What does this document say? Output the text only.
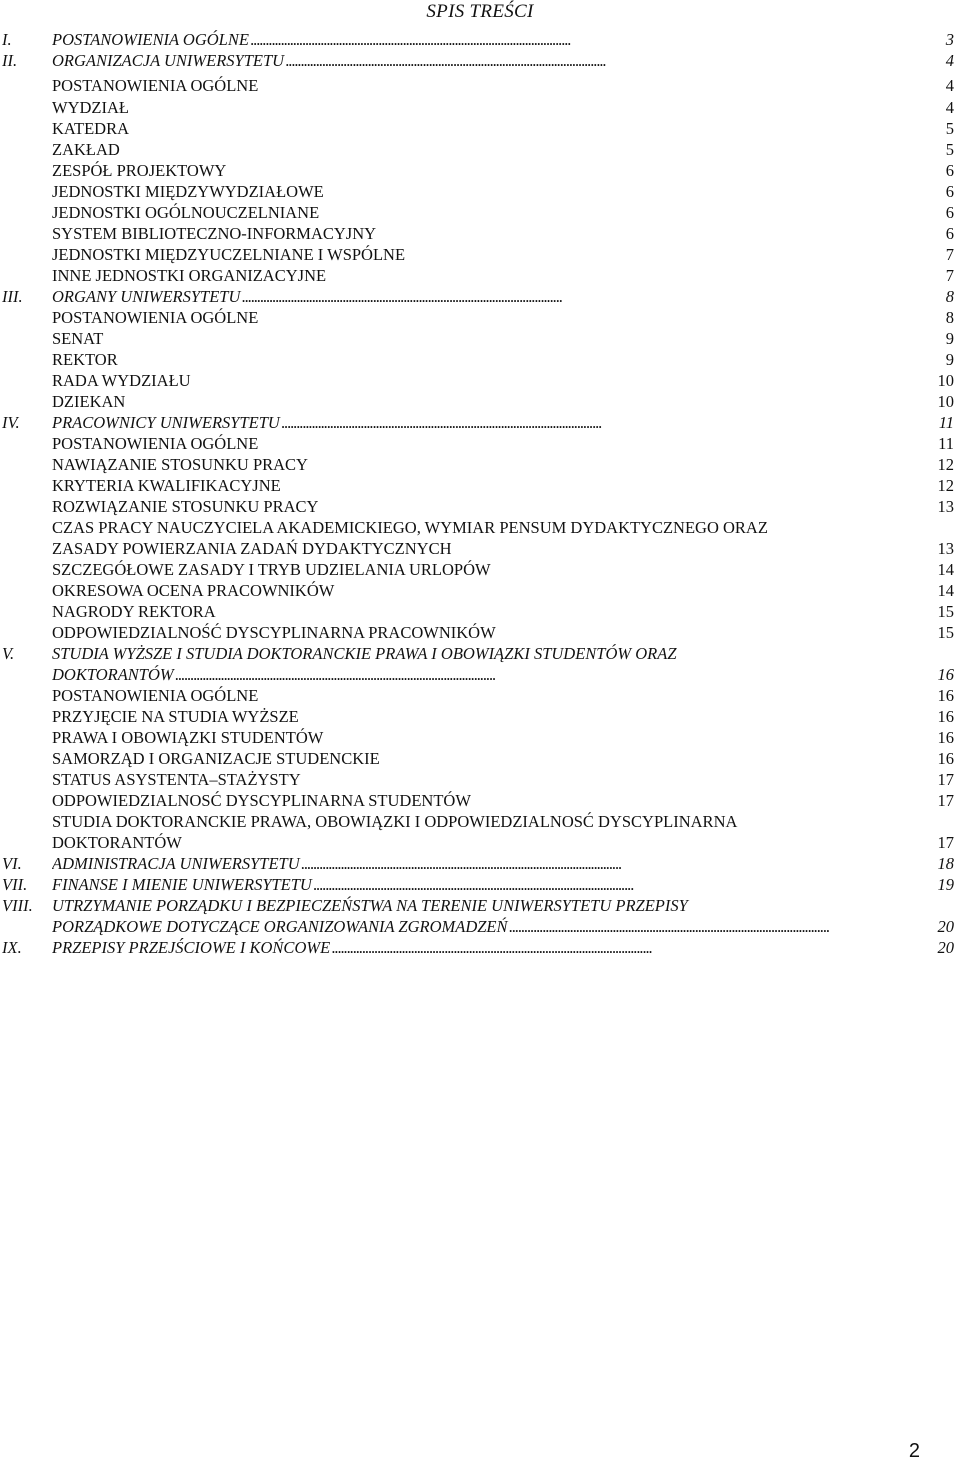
SPIS TREŚCI
I. POSTANOWIENIA OGÓLNE . . .	3
II. ORGANIZACJA UNIWERSYTETU . . .	4
POSTANOWIENIA OGÓLNE	4
WYDZIAŁ	4
KATEDRA	5
ZAKŁAD	5
ZESPÓŁ PROJEKTOWY	6
JEDNOSTKI MIĘDZYWYDZIAŁOWE	6
JEDNOSTKI OGÓLNOUCZELNIANE	6
SYSTEM BIBLIOTECZNO-INFORMACYJNY	6
JEDNOSTKI MIĘDZYUCZELNIANE I WSPÓLNE	7
INNE JEDNOSTKI ORGANIZACYJNE	7
III. ORGANY UNIWERSYTETU . . .	8
POSTANOWIENIA OGÓLNE	8
SENAT	9
REKTOR	9
RADA WYDZIAŁU	10
DZIEKAN	10
IV. PRACOWNICY UNIWERSYTETU . . .	11
POSTANOWIENIA OGÓLNE	11
NAWIĄZANIE STOSUNKU PRACY	12
KRYTERIA KWALIFIKACYJNE	12
ROZWIĄZANIE STOSUNKU PRACY	13
CZAS PRACY NAUCZYCIELA AKADEMICKIEGO, WYMIAR PENSUM DYDAKTYCZNEGO ORAZ
ZASADY POWIERZANIA ZADAŃ DYDAKTYCZNYCH	13
SZCZEGÓŁOWE ZASADY I TRYB UDZIELANIA URLOPÓW	14
OKRESOWA OCENA PRACOWNIKÓW	14
NAGRODY REKTORA	15
ODPOWIEDZIALNOŚĆ DYSCYPLINARNA PRACOWNIKÓW	15
V. STUDIA WYŻSZE I STUDIA DOKTORANCKIE PRAWA I OBOWIĄZKI STUDENTÓW ORAZ
DOKTORANTÓW . . .	16
POSTANOWIENIA OGÓLNE	16
PRZYJĘCIE NA STUDIA WYŻSZE	16
PRAWA I OBOWIĄZKI STUDENTÓW	16
SAMORZĄD I ORGANIZACJE STUDENCKIE	16
STATUS ASYSTENTA–STAŻYSTY	17
ODPOWIEDZIALNOSĆ DYSCYPLINARNA STUDENTÓW	17
STUDIA DOKTORANCKIE PRAWA, OBOWIĄZKI I ODPOWIEDZIALNOSĆ DYSCYPLINARNA
DOKTORANTÓW	17
VI. ADMINISTRACJA UNIWERSYTETU . . .	18
VII. FINANSE I MIENIE UNIWERSYTETU . . .	19
VIII. UTRZYMANIE PORZĄDKU I BEZPIECZEŃSTWA NA TERENIE UNIWERSYTETU PRZEPISY
PORZĄDKOWE DOTYCZĄCE ORGANIZOWANIA ZGROMADZEŃ . . .	20
IX. PRZEPISY PRZEJŚCIOWE I KOŃCOWE . . .	20
2
